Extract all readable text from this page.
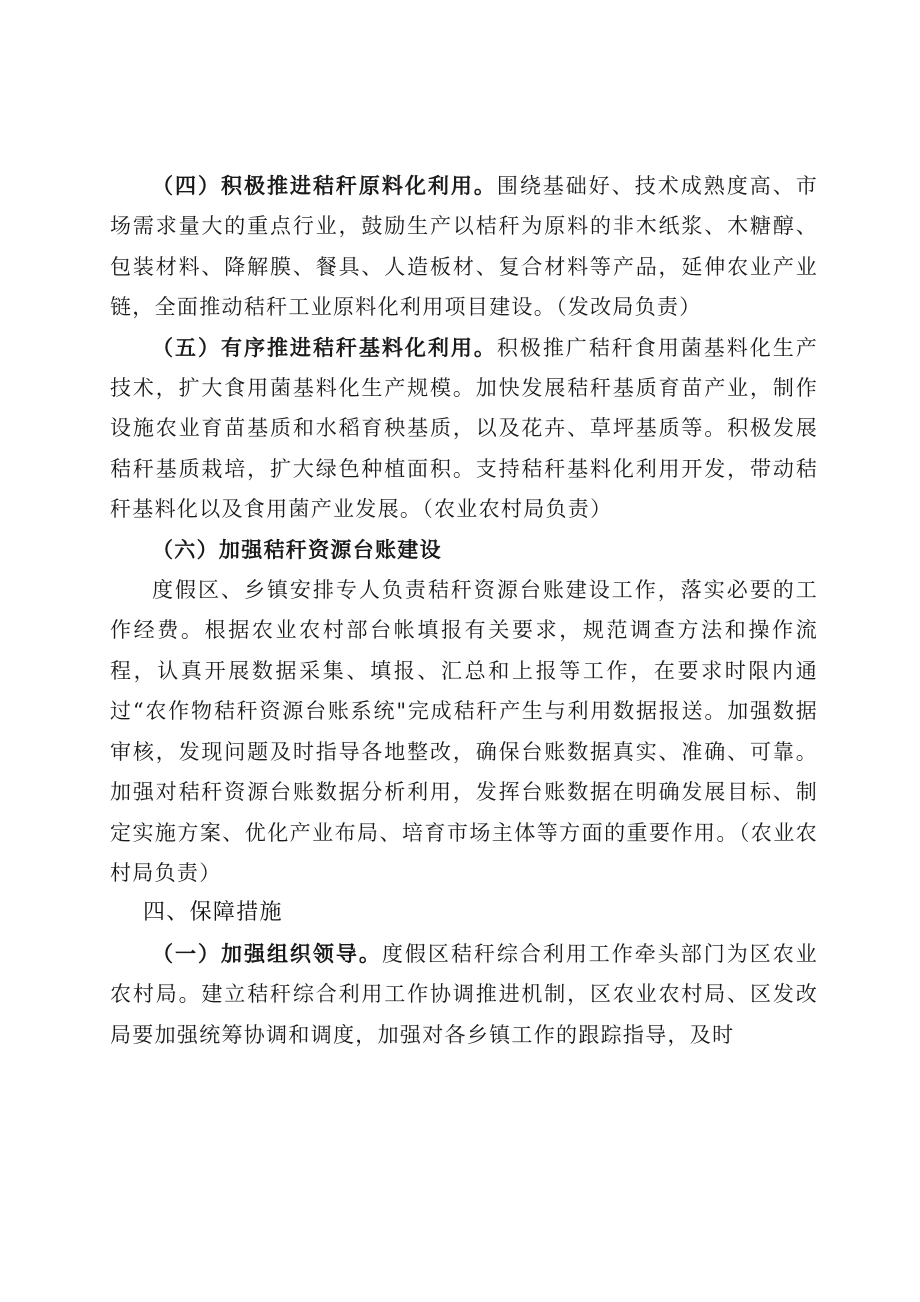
（四）积极推进秸秆原料化利用。围绕基础好、技术成熟度高、市场需求量大的重点行业，鼓励生产以桔秆为原料的非木纸浆、木糖醇、包装材料、降解膜、餐具、人造板材、复合材料等产品，延伸农业产业链，全面推动秸秆工业原料化利用项目建设。（发改局负责）

（五）有序推进秸秆基料化利用。积极推广秸秆食用菌基料化生产技术，扩大食用菌基料化生产规模。加快发展秸秆基质育苗产业，制作设施农业育苗基质和水稻育秧基质，以及花卉、草坪基质等。积极发展秸秆基质栽培，扩大绿色种植面积。支持秸秆基料化利用开发，带动秸秆基料化以及食用菌产业发展。（农业农村局负责）

（六）加强秸秆资源台账建设

度假区、乡镇安排专人负责秸秆资源台账建设工作，落实必要的工作经费。根据农业农村部台帐填报有关要求，规范调查方法和操作流程，认真开展数据采集、填报、汇总和上报等工作，在要求时限内通过“农作物秸秆资源台账系统"完成秸秆产生与利用数据报送。加强数据审核，发现问题及时指导各地整改，确保台账数据真实、准确、可靠。加强对秸秆资源台账数据分析利用，发挥台账数据在明确发展目标、制定实施方案、优化产业布局、培育市场主体等方面的重要作用。（农业农村局负责）

四、保障措施

（一）加强组织领导。度假区秸秆综合利用工作牵头部门为区农业农村局。建立秸秆综合利用工作协调推进机制，区农业农村局、区发改局要加强统筹协调和调度，加强对各乡镇工作的跟踪指导，及时
